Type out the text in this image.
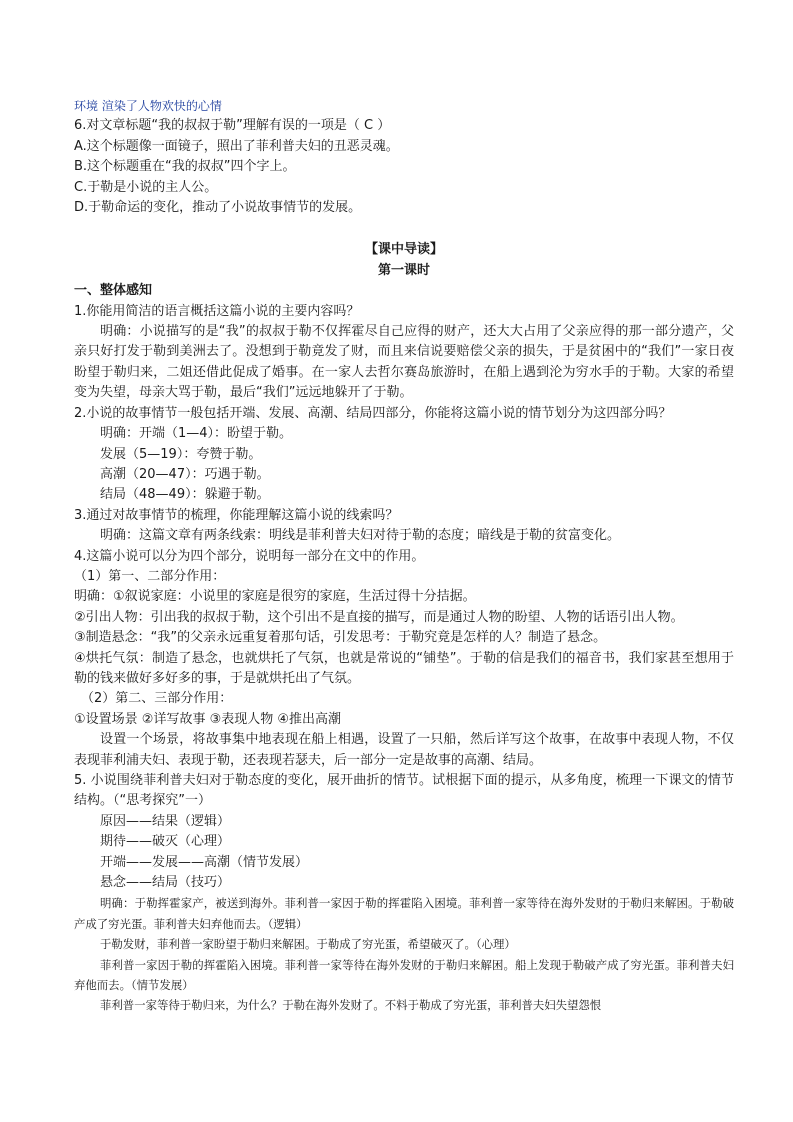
环境 渲染了人物欢快的心情
6.对文章标题“我的叔叔于勒”理解有误的一项是（ C ）
A.这个标题像一面镜子，照出了菲利普夫妇的丑恶灵魂。
B.这个标题重在“我的叔叔”四个字上。
C.于勒是小说的主人公。
D.于勒命运的变化，推动了小说故事情节的发展。
【课中导读】
第一课时
一、整体感知
1.你能用简洁的语言概括这篇小说的主要内容吗？
明确：小说描写的是“我”的叔叔于勒不仅挥霍尽自己应得的财产，还大大占用了父亲应得的那一部分遗产，父亲只好打发于勒到美洲去了。没想到于勒竟发了财，而且来信说要赔偿父亲的损失，于是贫困中的“我们”一家日夜盼望于勒归来，二姐还借此促成了婚事。在一家人去哲尔赛岛旅游时，在船上遇到沦为穷水手的于勒。大家的希望变为失望，母亲大骂于勒，最后“我们”远远地躲开了于勒。
2.小说的故事情节一般包括开端、发展、高潮、结局四部分，你能将这篇小说的情节划分为这四部分吗？
明确：开端（1—4）：盼望于勒。
发展（5—19）：夸赞于勒。
高潮（20—47）：巧遇于勒。
结局（48—49）：躲避于勒。
3.通过对故事情节的梳理，你能理解这篇小说的线索吗？
明确：这篇文章有两条线索：明线是菲利普夫妇对待于勒的态度；暗线是于勒的贫富变化。
4.这篇小说可以分为四个部分，说明每一部分在文中的作用。
（1）第一、二部分作用：
明确：①叙说家庭：小说里的家庭是很穷的家庭，生活过得十分拮据。
②引出人物：引出我的叔叔于勒，这个引出不是直接的描写，而是通过人物的盼望、人物的话语引出人物。
③制造悬念：“我”的父亲永远重复着那句话，引发思考：于勒究竟是怎样的人？制造了悬念。
④烘托气氛：制造了悬念，也就烘托了气氛，也就是常说的“铺垫”。于勒的信是我们的福音书，我们家甚至想用于勒的钱来做好多好多的事，于是就烘托出了气氛。
（2）第二、三部分作用：
①设置场景 ②详写故事 ③表现人物 ④推出高潮
设置一个场景，将故事集中地表现在船上相遇，设置了一只船，然后详写这个故事，在故事中表现人物，不仅表现菲利浦夫妇、表现于勒，还表现若瑟夫，后一部分一定是故事的高潮、结局。
5. 小说围绕菲利普夫妇对于勒态度的变化，展开曲折的情节。试根据下面的提示，从多角度，梳理一下课文的情节结构。（“思考探究”一）
原因——结果（逻辑）
期待——破灭（心理）
开端——发展——高潮（情节发展）
悬念——结局（技巧）
明确：于勒挥霍家产，被送到海外。菲利普一家因于勒的挥霍陷入困境。菲利普一家等待在海外发财的于勒归来解困。于勒破产成了穷光蛋。菲利普夫妇弃他而去。（逻辑）
于勒发财，菲利普一家盼望于勒归来解困。于勒成了穷光蛋，希望破灭了。（心理）
菲利普一家因于勒的挥霍陷入困境。菲利普一家等待在海外发财的于勒归来解困。船上发现于勒破产成了穷光蛋。菲利普夫妇弃他而去。（情节发展）
菲利普一家等待于勒归来，为什么？于勒在海外发财了。不料于勒成了穷光蛋，菲利普夫妇失望怨恨
